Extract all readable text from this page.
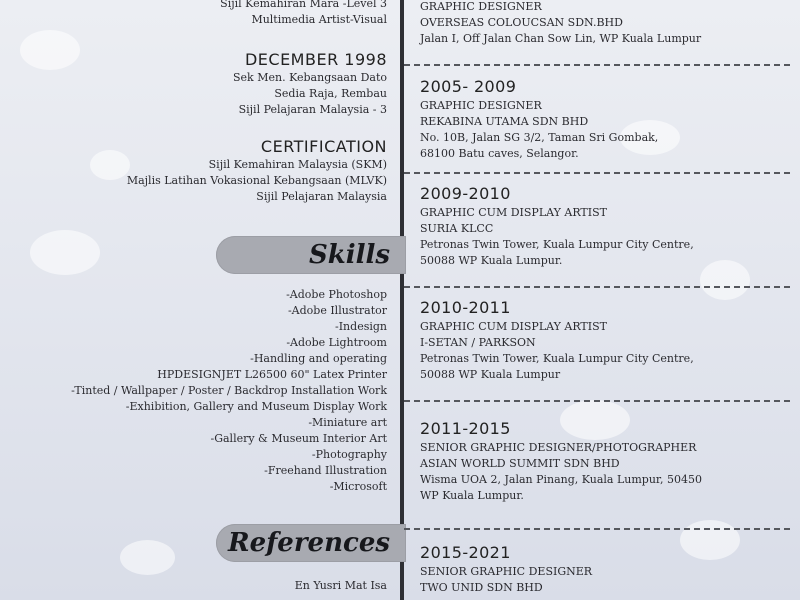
Sijil Kemahiran Mara -Level 3
Multimedia Artist-Visual
DECEMBER 1998
Sek Men. Kebangsaan Dato
Sedia Raja, Rembau
Sijil Pelajaran Malaysia - 3
CERTIFICATION
Sijil Kemahiran Malaysia (SKM)
Majlis Latihan Vokasional Kebangsaan (MLVK)
Sijil Pelajaran Malaysia
Skills
-Adobe Photoshop
-Adobe Illustrator
-Indesign
-Adobe Lightroom
-Handling and operating
HPDESIGNJET L26500 60" Latex Printer
-Tinted / Wallpaper / Poster / Backdrop Installation Work
-Exhibition, Gallery and Museum Display Work
-Miniature art
-Gallery & Museum Interior Art
-Photography
-Freehand Illustration
-Microsoft
References
En Yusri Mat Isa
GRAPHIC DESIGNER
OVERSEAS COLOUCSAN SDN.BHD
Jalan I, Off Jalan Chan Sow Lin, WP Kuala Lumpur
2005- 2009
GRAPHIC DESIGNER
REKABINA UTAMA SDN BHD
No. 10B, Jalan SG 3/2, Taman Sri Gombak,
68100 Batu caves, Selangor.
2009-2010
GRAPHIC CUM DISPLAY ARTIST
SURIA KLCC
Petronas Twin Tower, Kuala Lumpur City Centre,
50088 WP Kuala Lumpur.
2010-2011
GRAPHIC CUM DISPLAY ARTIST
I-SETAN / PARKSON
Petronas Twin Tower, Kuala Lumpur City Centre,
50088 WP Kuala Lumpur
2011-2015
SENIOR GRAPHIC DESIGNER/PHOTOGRAPHER
ASIAN WORLD SUMMIT SDN BHD
Wisma UOA 2, Jalan Pinang, Kuala Lumpur, 50450
WP Kuala Lumpur.
2015-2021
SENIOR GRAPHIC DESIGNER
TWO UNID SDN BHD
